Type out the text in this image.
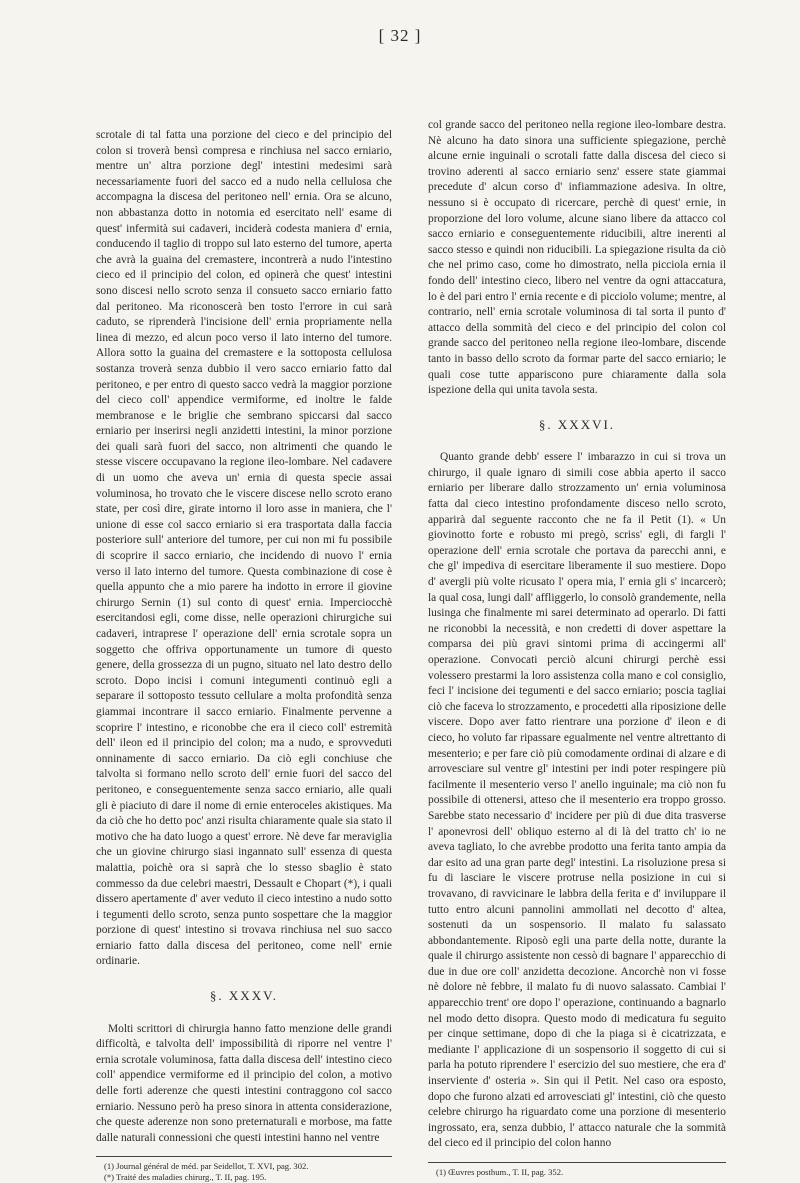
[ 32 ]

scrotale di tal fatta una porzione del cieco e del principio del colon si troverà bensì compresa e rinchiusa nel sacco erniario, mentre un' altra porzione degl' intestini medesimi sarà necessariamente fuori del sacco ed a nudo nella cellulosa che accompagna la discesa del peritoneo nell' ernia. Ora se alcuno, non abbastanza dotto in notomia ed esercitato nell' esame di quest' infermità sui cadaveri, inciderà codesta maniera d' ernia, conducendo il taglio di troppo sul lato esterno del tumore, aperta che avrà la guaina del cremastere, incontrerà a nudo l'intestino cieco ed il principio del colon, ed opinerà che quest' intestini sono discesi nello scroto senza il consueto sacco erniario fatto dal peritoneo. Ma riconoscerà ben tosto l'errore in cui sarà caduto, se riprenderà l'incisione dell' ernia propriamente nella linea di mezzo, ed alcun poco verso il lato interno del tumore. Allora sotto la guaina del cremastere e la sottoposta cellulosa sostanza troverà senza dubbio il vero sacco erniario fatto dal peritoneo, e per entro di questo sacco vedrà la maggior porzione del cieco coll' appendice vermiforme, ed inoltre le falde membranose e le briglie che sembrano spiccarsi dal sacco erniario per inserirsi negli anzidetti intestini, la minor porzione dei quali sarà fuori del sacco, non altrimenti che quando le stesse viscere occupavano la regione ileo-lombare. Nel cadavere di un uomo che aveva un' ernia di questa specie assai voluminosa, ho trovato che le viscere discese nello scroto erano state, per così dire, girate intorno il loro asse in maniera, che l' unione di esse col sacco erniario si era trasportata dalla faccia posteriore sull' anteriore del tumore, per cui non mi fu possibile di scoprire il sacco erniario, che incidendo di nuovo l' ernia verso il lato interno del tumore. Questa combinazione di cose è quella appunto che a mio parere ha indotto in errore il giovine chirurgo Sernin (1) sul conto di quest' ernia. Imperciocchè esercitandosi egli, come disse, nelle operazioni chirurgiche sui cadaveri, intraprese l' operazione dell' ernia scrotale sopra un soggetto che offriva opportunamente un tumore di questo genere, della grossezza di un pugno, situato nel lato destro dello scroto. Dopo incisi i comuni integumenti continuò egli a separare il sottoposto tessuto cellulare a molta profondità senza giammai incontrare il sacco erniario. Finalmente pervenne a scoprire l' intestino, e riconobbe che era il cieco coll' estremità dell' ileon ed il principio del colon; ma a nudo, e sprovveduti onninamente di sacco erniario. Da ciò egli conchiuse che talvolta si formano nello scroto dell' ernie fuori del sacco del peritoneo, e conseguentemente senza sacco erniario, alle quali gli è piaciuto di dare il nome di ernie enteroceles akistiques. Ma da ciò che ho detto poc' anzi risulta chiaramente quale sia stato il motivo che ha dato luogo a quest' errore. Nè deve far meraviglia che un giovine chirurgo siasi ingannato sull' essenza di questa malattia, poichè ora si saprà che lo stesso sbaglio è stato commesso da due celebri maestri, Dessault e Chopart (*), i quali dissero apertamente d' aver veduto il cieco intestino a nudo sotto i tegumenti dello scroto, senza punto sospettare che la maggior porzione di quest' intestino si trovava rinchiusa nel suo sacco erniario fatto dalla discesa del peritoneo, come nell' ernie ordinarie.

§. XXXV.

Molti scrittori di chirurgia hanno fatto menzione delle grandi difficoltà, e talvolta dell' impossibilità di riporre nel ventre l' ernia scrotale voluminosa, fatta dalla discesa dell' intestino cieco coll' appendice vermiforme ed il principio del colon, a motivo delle forti aderenze che questi intestini contraggono col sacco erniario. Nessuno però ha preso sinora in attenta considerazione, che queste aderenze non sono preternaturali e morbose, ma fatte dalle naturali connessioni che questi intestini hanno nel ventre

(1) Journal général de méd. par Seidellot, T. XVI, pag. 302.
(*) Traité des maladies chirurg., T. II, pag. 195.

col grande sacco del peritoneo nella regione ileo-lombare destra. Nè alcuno ha dato sinora una sufficiente spiegazione, perchè alcune ernie inguinali o scrotali fatte dalla discesa del cieco si trovino aderenti al sacco erniario senz' essere state giammai precedute d' alcun corso d' infiammazione adesiva. In oltre, nessuno si è occupato di ricercare, perchè di quest' ernie, in proporzione del loro volume, alcune siano libere da attacco col sacco erniario e conseguentemente riducibili, altre inerenti al sacco stesso e quindi non riducibili. La spiegazione risulta da ciò che nel primo caso, come ho dimostrato, nella picciola ernia il fondo dell' intestino cieco, libero nel ventre da ogni attaccatura, lo è del pari entro l' ernia recente e di picciolo volume; mentre, al contrario, nell' ernia scrotale voluminosa di tal sorta il punto d' attacco della sommità del cieco e del principio del colon col grande sacco del peritoneo nella regione ileo-lombare, discende tanto in basso dello scroto da formar parte del sacco erniario; le quali cose tutte appariscono pure chiaramente dalla sola ispezione della qui unita tavola sesta.

§. XXXVI.

Quanto grande debb' essere l' imbarazzo in cui si trova un chirurgo, il quale ignaro di simili cose abbia aperto il sacco erniario per liberare dallo strozzamento un' ernia voluminosa fatta dal cieco intestino profondamente disceso nello scroto, apparirà dal seguente racconto che ne fa il Petit (1). « Un giovinotto forte e robusto mi pregò, scriss' egli, di fargli l' operazione dell' ernia scrotale che portava da parecchi anni, e che gl' impediva di esercitare liberamente il suo mestiere. Dopo d' avergli più volte ricusato l' opera mia, l' ernia gli s' incarcerò; la qual cosa, lungi dall' affliggerlo, lo consolò grandemente, nella lusinga che finalmente mi sarei determinato ad operarlo. Di fatti ne riconobbi la necessità, e non credetti di dover aspettare la comparsa dei più gravi sintomi prima di accingermi all' operazione. Convocati perciò alcuni chirurgi perchè essi volessero prestarmi la loro assistenza colla mano e col consiglio, feci l' incisione dei tegumenti e del sacco erniario; poscia tagliai ciò che faceva lo strozzamento, e procedetti alla riposizione delle viscere. Dopo aver fatto rientrare una porzione d' ileon e di cieco, ho voluto far ripassare egualmente nel ventre altrettanto di mesenterio; e per fare ciò più comodamente ordinai di alzare e di arrovesciare sul ventre gl' intestini per indi poter respingere più facilmente il mesenterio verso l' anello inguinale; ma ciò non fu possibile di ottenersi, atteso che il mesenterio era troppo grosso. Sarebbe stato necessario d' incidere per più di due dita trasverse l' aponevrosi dell' obliquo esterno al di là del tratto ch' io ne aveva tagliato, lo che avrebbe prodotto una ferita tanto ampia da dar esito ad una gran parte degl' intestini. La risoluzione presa si fu di lasciare le viscere protruse nella posizione in cui si trovavano, di ravvicinare le labbra della ferita e d' inviluppare il tutto entro alcuni pannolini ammollati nel decotto d' altea, sostenuti da un sospensorio. Il malato fu salassato abbondantemente. Riposò egli una parte della notte, durante la quale il chirurgo assistente non cessò di bagnare l' apparecchio di due in due ore coll' anzidetta decozione. Ancorchè non vi fosse nè dolore nè febbre, il malato fu di nuovo salassato. Cambiai l' apparecchio trent' ore dopo l' operazione, continuando a bagnarlo nel modo detto disopra. Questo modo di medicatura fu seguito per cinque settimane, dopo di che la piaga si è cicatrizzata, e mediante l' applicazione di un sospensorio il soggetto di cui si parla ha potuto riprendere l' esercizio del suo mestiere, che era d' inserviente d' osteria ». Sin qui il Petit. Nel caso ora esposto, dopo che furono alzati ed arrovesciati gl' intestini, ciò che questo celebre chirurgo ha riguardato come una porzione di mesenterio ingrossato, era, senza dubbio, l' attacco naturale che la sommità del cieco ed il principio del colon hanno

(1) Œuvres posthum., T. II, pag. 352.
